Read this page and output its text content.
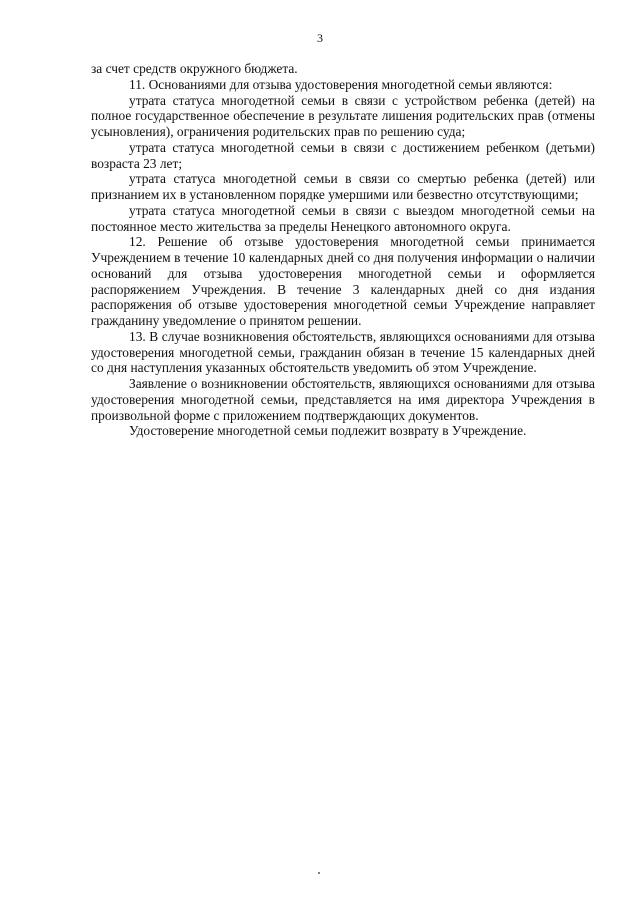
3

за счет средств окружного бюджета.

11. Основаниями для отзыва удостоверения многодетной семьи являются:

утрата статуса многодетной семьи в связи с устройством ребенка (детей) на полное государственное обеспечение в результате лишения родительских прав (отмены усыновления), ограничения родительских прав по решению суда;

утрата статуса многодетной семьи в связи с достижением ребенком (детьми) возраста 23 лет;

утрата статуса многодетной семьи в связи со смертью ребенка (детей) или признанием их в установленном порядке умершими или безвестно отсутствующими;

утрата статуса многодетной семьи в связи с выездом многодетной семьи на постоянное место жительства за пределы Ненецкого автономного округа.

12. Решение об отзыве удостоверения многодетной семьи принимается Учреждением в течение 10 календарных дней со дня получения информации о наличии оснований для отзыва удостоверения многодетной семьи и оформляется распоряжением Учреждения. В течение 3 календарных дней со дня издания распоряжения об отзыве удостоверения многодетной семьи Учреждение направляет гражданину уведомление о принятом решении.

13. В случае возникновения обстоятельств, являющихся основаниями для отзыва удостоверения многодетной семьи, гражданин обязан в течение 15 календарных дней со дня наступления указанных обстоятельств уведомить об этом Учреждение.

Заявление о возникновении обстоятельств, являющихся основаниями для отзыва удостоверения многодетной семьи, представляется на имя директора Учреждения в произвольной форме с приложением подтверждающих документов.

Удостоверение многодетной семьи подлежит возврату в Учреждение.
